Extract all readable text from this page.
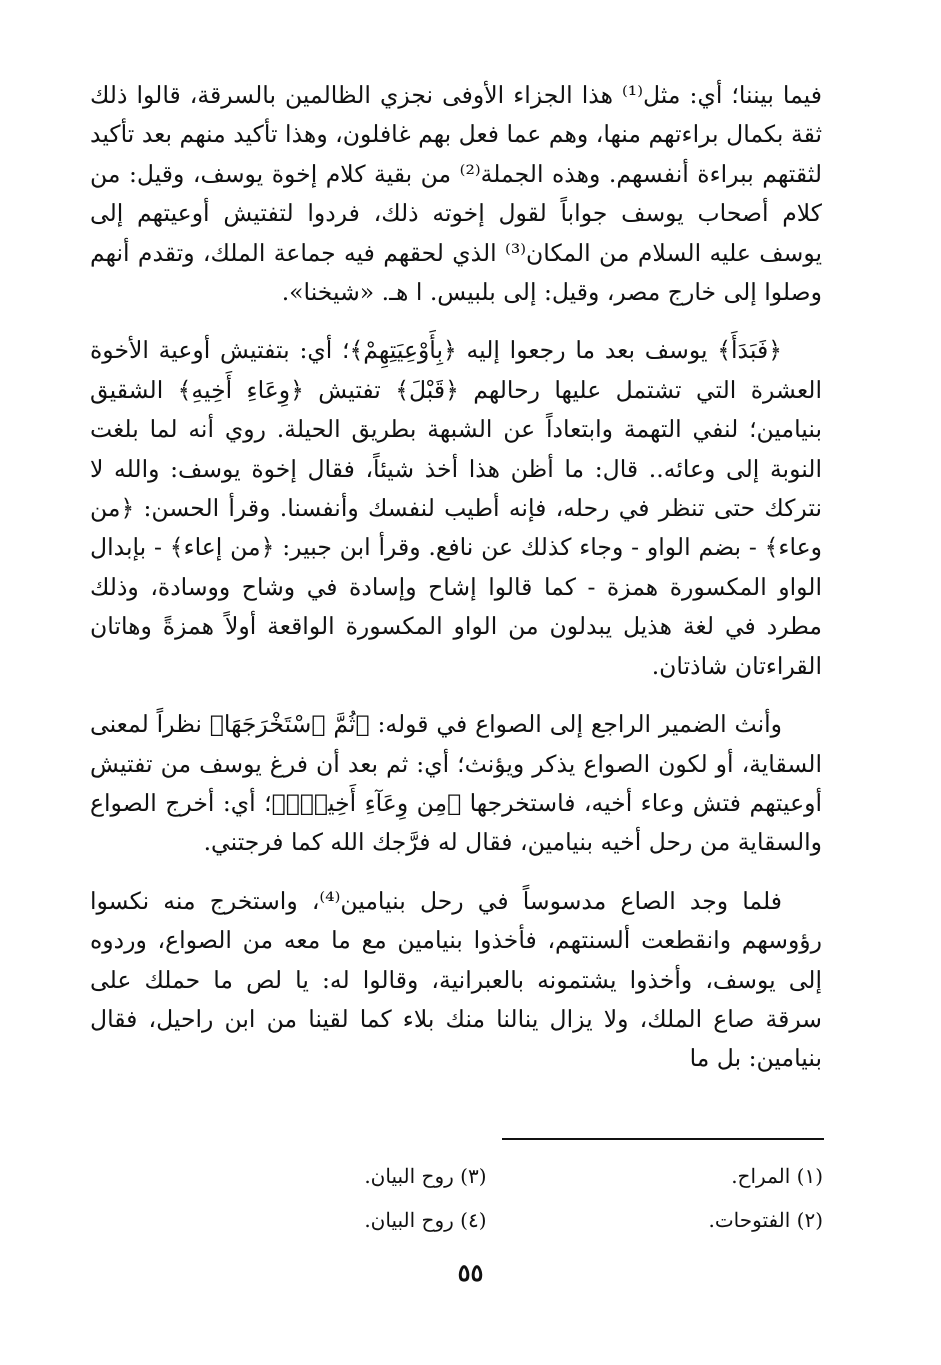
فيما بيننا؛ أي: مثل⁽¹⁾ هذا الجزاء الأوفى نجزي الظالمين بالسرقة، قالوا ذلك ثقة بكمال براءتهم منها، وهم عما فعل بهم غافلون، وهذا تأكيد منهم بعد تأكيد لثقتهم ببراءة أنفسهم. وهذه الجملة⁽²⁾ من بقية كلام إخوة يوسف، وقيل: من كلام أصحاب يوسف جواباً لقول إخوته ذلك، فردوا لتفتيش أوعيتهم إلى يوسف عليه السلام من المكان⁽³⁾ الذي لحقهم فيه جماعة الملك، وتقدم أنهم وصلوا إلى خارج مصر، وقيل: إلى بلبيس. ا هـ. «شيخنا».

﴿فَبَدَأَ﴾ يوسف بعد ما رجعوا إليه ﴿بِأَوْعِيَتِهِمْ﴾؛ أي: بتفتيش أوعية الأخوة العشرة التي تشتمل عليها رحالهم ﴿قَبْلَ﴾ تفتيش ﴿وِعَاءِ أَخِيهِ﴾ الشقيق بنيامين؛ لنفي التهمة وابتعاداً عن الشبهة بطريق الحيلة. روي أنه لما بلغت النوبة إلى وعائه.. قال: ما أظن هذا أخذ شيئاً، فقال إخوة يوسف: والله لا نتركك حتى تنظر في رحله، فإنه أطيب لنفسك وأنفسنا. وقرأ الحسن: ﴿من وعاء﴾ - بضم الواو - وجاء كذلك عن نافع. وقرأ ابن جبير: ﴿من إعاء﴾ - بإبدال الواو المكسورة همزة - كما قالوا إشاح وإسادة في وشاح ووسادة، وذلك مطرد في لغة هذيل يبدلون من الواو المكسورة الواقعة أولاً همزةً وهاتان القراءتان شاذتان.

وأنث الضمير الراجع إلى الصواع في قوله: ﴿ثُمَّ ٱسْتَخْرَجَهَا﴾ نظراً لمعنى السقاية، أو لكون الصواع يذكر ويؤنث؛ أي: ثم بعد أن فرغ يوسف من تفتيش أوعيتهم فتش وعاء أخيه، فاستخرجها ﴿مِن وِعَآءِ أَخِيهِۚ﴾؛ أي: أخرج الصواع والسقاية من رحل أخيه بنيامين، فقال له فرَّجك الله كما فرجتني.

فلما وجد الصاع مدسوساً في رحل بنيامين⁽⁴⁾، واستخرج منه نكسوا رؤوسهم وانقطعت ألسنتهم، فأخذوا بنيامين مع ما معه من الصواع، وردوه إلى يوسف، وأخذوا يشتمونه بالعبرانية، وقالوا له: يا لص ما حملك على سرقة صاع الملك، ولا يزال ينالنا منك بلاء كما لقينا من ابن راحيل، فقال بنيامين: بل ما

(١) المراح.
(٣) روح البيان.
(٢) الفتوحات.
(٤) روح البيان.
٥٥
